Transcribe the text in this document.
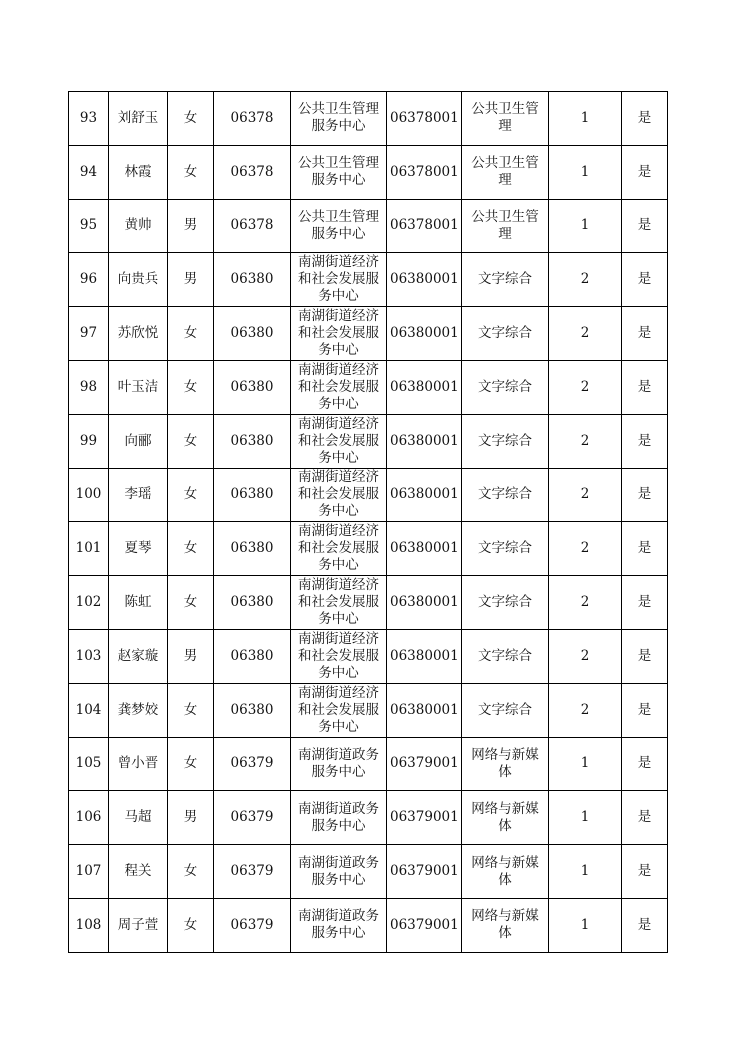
93	刘舒玉	女	06378	公共卫生管理服务中心	06378001	公共卫生管理	1	是
94	林霞	女	06378	公共卫生管理服务中心	06378001	公共卫生管理	1	是
95	黄帅	男	06378	公共卫生管理服务中心	06378001	公共卫生管理	1	是
96	向贵兵	男	06380	南湖街道经济和社会发展服务中心	06380001	文字综合	2	是
97	苏欣悦	女	06380	南湖街道经济和社会发展服务中心	06380001	文字综合	2	是
98	叶玉洁	女	06380	南湖街道经济和社会发展服务中心	06380001	文字综合	2	是
99	向郦	女	06380	南湖街道经济和社会发展服务中心	06380001	文字综合	2	是
100	李瑶	女	06380	南湖街道经济和社会发展服务中心	06380001	文字综合	2	是
101	夏琴	女	06380	南湖街道经济和社会发展服务中心	06380001	文字综合	2	是
102	陈虹	女	06380	南湖街道经济和社会发展服务中心	06380001	文字综合	2	是
103	赵家璇	男	06380	南湖街道经济和社会发展服务中心	06380001	文字综合	2	是
104	龚梦姣	女	06380	南湖街道经济和社会发展服务中心	06380001	文字综合	2	是
105	曾小晋	女	06379	南湖街道政务服务中心	06379001	网络与新媒体	1	是
106	马超	男	06379	南湖街道政务服务中心	06379001	网络与新媒体	1	是
107	程关	女	06379	南湖街道政务服务中心	06379001	网络与新媒体	1	是
108	周子萱	女	06379	南湖街道政务服务中心	06379001	网络与新媒体	1	是
